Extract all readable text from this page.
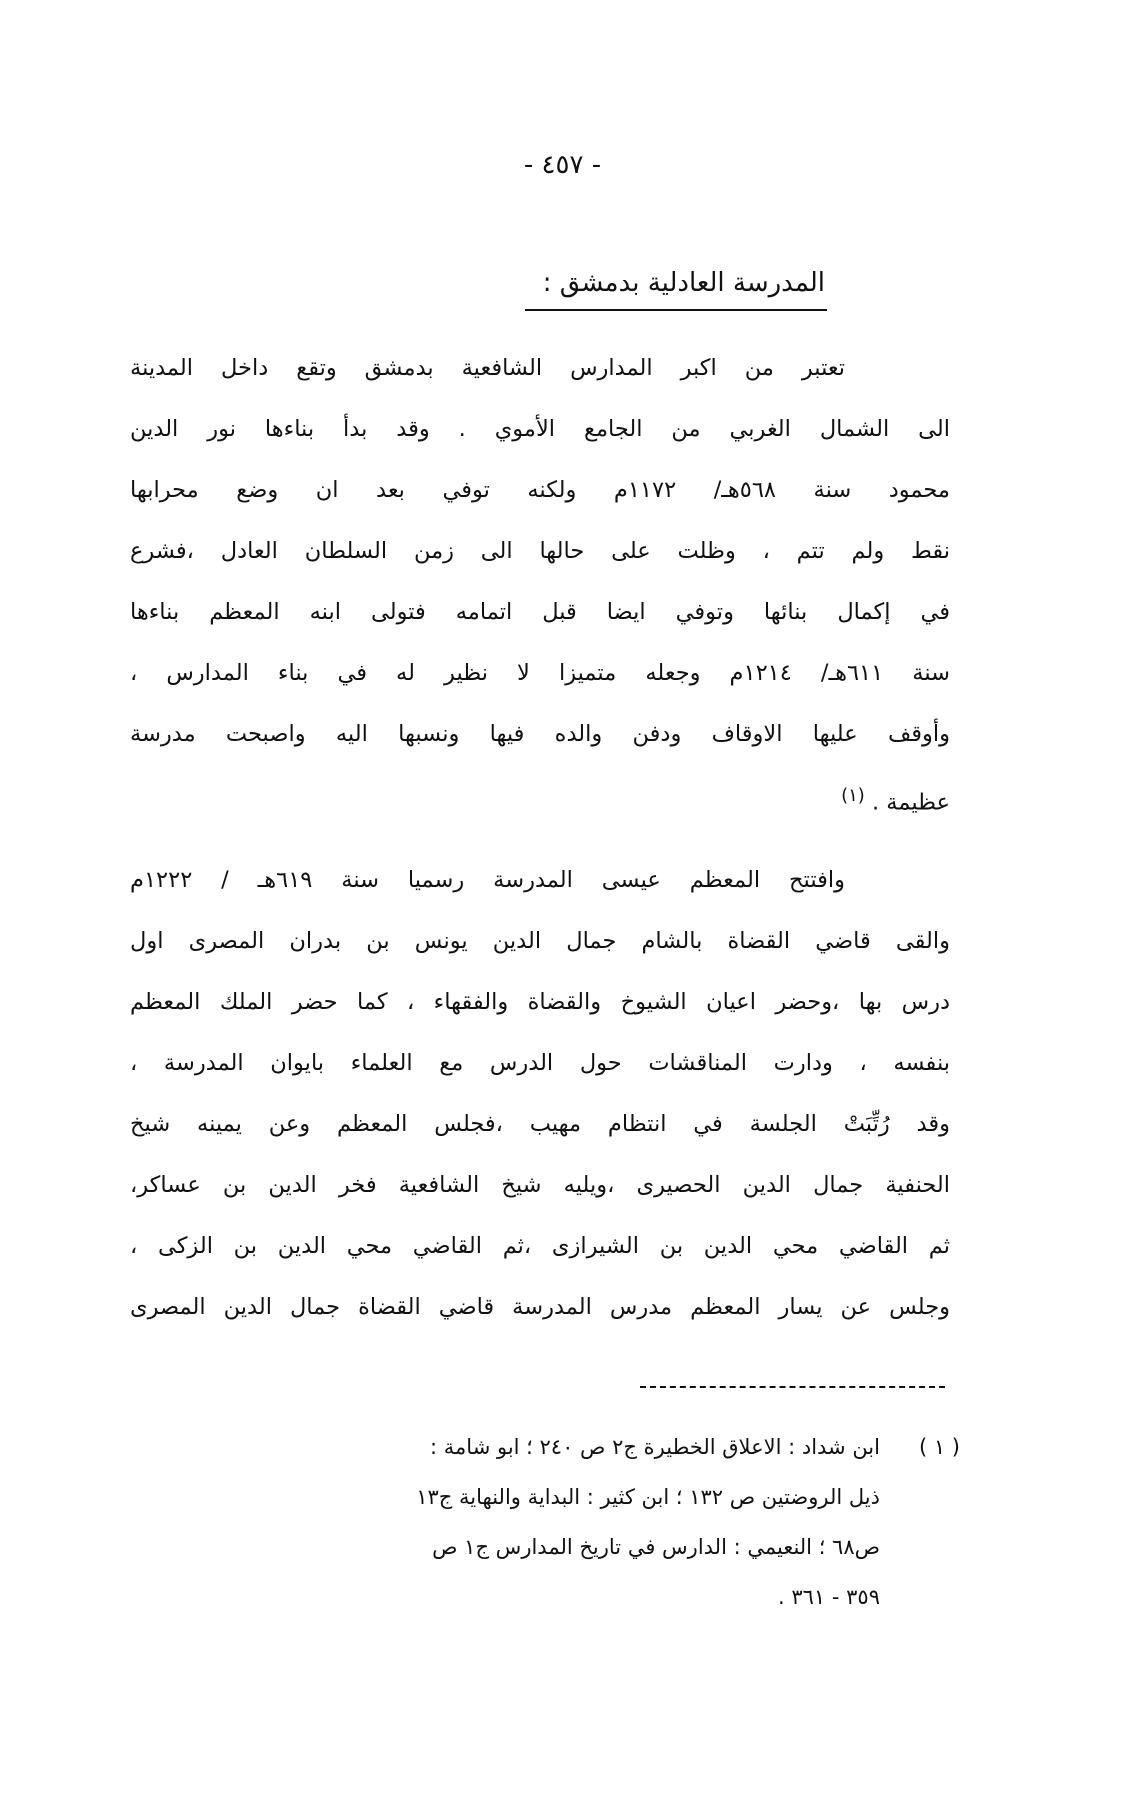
- ٤٥٧ -
المدرسة العادلية بدمشق :
تعتبر من اكبر المدارس الشافعية بدمشق وتقع داخل المدينة
الى الشمال الغربي من الجامع الأموي . وقد بدأ بناءها نور الدين
محمود سنة ٥٦٨هـ/ ١١٧٢م ولكنه توفي بعد ان وضع محرابها
نقط ولم تتم ، وظلت على حالها الى زمن السلطان العادل ،فشرع
في إكمال بنائها وتوفي ايضا قبل اتمامه فتولى ابنه المعظم بناءها
سنة ٦١١هـ/ ١٢١٤م وجعله متميزا لا نظير له في بناء المدارس ،
وأوقف عليها الاوقاف ودفن والده فيها ونسبها اليه واصبحت مدرسة
عظيمة . $^{(١)}$
وافتتح المعظم عيسى المدرسة رسميا سنة ٦١٩هـ / ١٢٢٢م
والقى قاضي القضاة بالشام جمال الدين يونس بن بدران المصرى اول
درس بها ،وحضر اعيان الشيوخ والقضاة والفقهاء ، كما حضر الملك المعظم
بنفسه ، ودارت المناقشات حول الدرس مع العلماء بايوان المدرسة ،
وقد رُتِّبَتْ الجلسة في انتظام مهيب ،فجلس المعظم وعن يمينه شيخ
الحنفية جمال الدين الحصيرى ،ويليه شيخ الشافعية فخر الدين بن عساكر،
ثم القاضي محي الدين بن الشيرازى ،ثم القاضي محي الدين بن الزكى ،
وجلس عن يسار المعظم مدرس المدرسة قاضي القضاة جمال الدين المصرى
( ١ )
ابن شداد : الاعلاق الخطيرة ج٢ ص ٢٤٠ ؛ ابو شامة :
ذيل الروضتين ص ١٣٢ ؛ ابن كثير : البداية والنهاية ج١٣
ص٦٨ ؛ النعيمي : الدارس في تاريخ المدارس ج١ ص
٣٥٩ - ٣٦١ .
